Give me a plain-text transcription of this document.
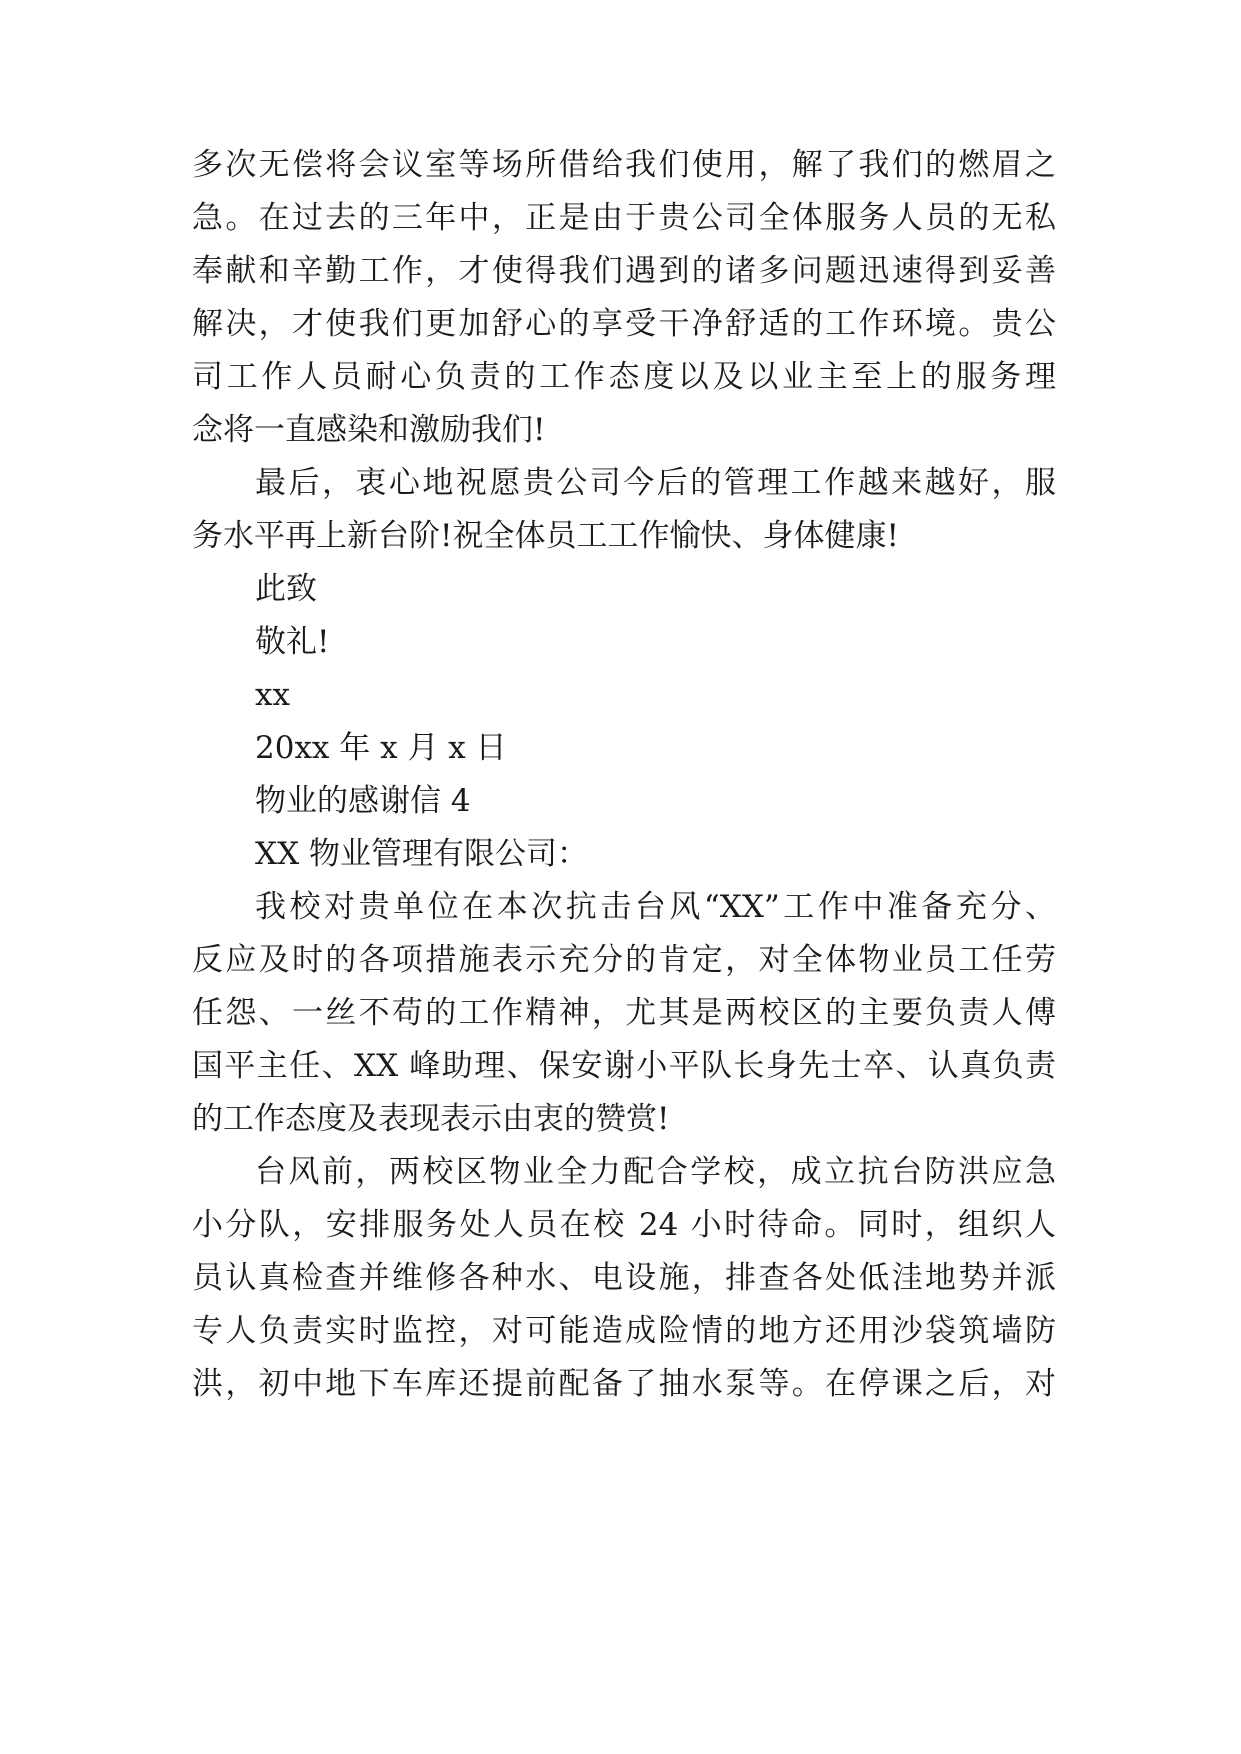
多次无偿将会议室等场所借给我们使用，解了我们的燃眉之
急。在过去的三年中，正是由于贵公司全体服务人员的无私
奉献和辛勤工作，才使得我们遇到的诸多问题迅速得到妥善
解决，才使我们更加舒心的享受干净舒适的工作环境。贵公
司工作人员耐心负责的工作态度以及以业主至上的服务理
念将一直感染和激励我们!
最后，衷心地祝愿贵公司今后的管理工作越来越好，服
务水平再上新台阶!祝全体员工工作愉快、身体健康!
此致
敬礼!
xx
20xx 年 x 月 x 日
物业的感谢信 4
XX 物业管理有限公司：
我校对贵单位在本次抗击台风“XX”工作中准备充分、
反应及时的各项措施表示充分的肯定，对全体物业员工任劳
任怨、一丝不苟的工作精神，尤其是两校区的主要负责人傅
国平主任、XX 峰助理、保安谢小平队长身先士卒、认真负责
的工作态度及表现表示由衷的赞赏!
台风前，两校区物业全力配合学校，成立抗台防洪应急
小分队，安排服务处人员在校 24 小时待命。同时，组织人
员认真检查并维修各种水、电设施，排查各处低洼地势并派
专人负责实时监控，对可能造成险情的地方还用沙袋筑墙防
洪，初中地下车库还提前配备了抽水泵等。在停课之后，对
